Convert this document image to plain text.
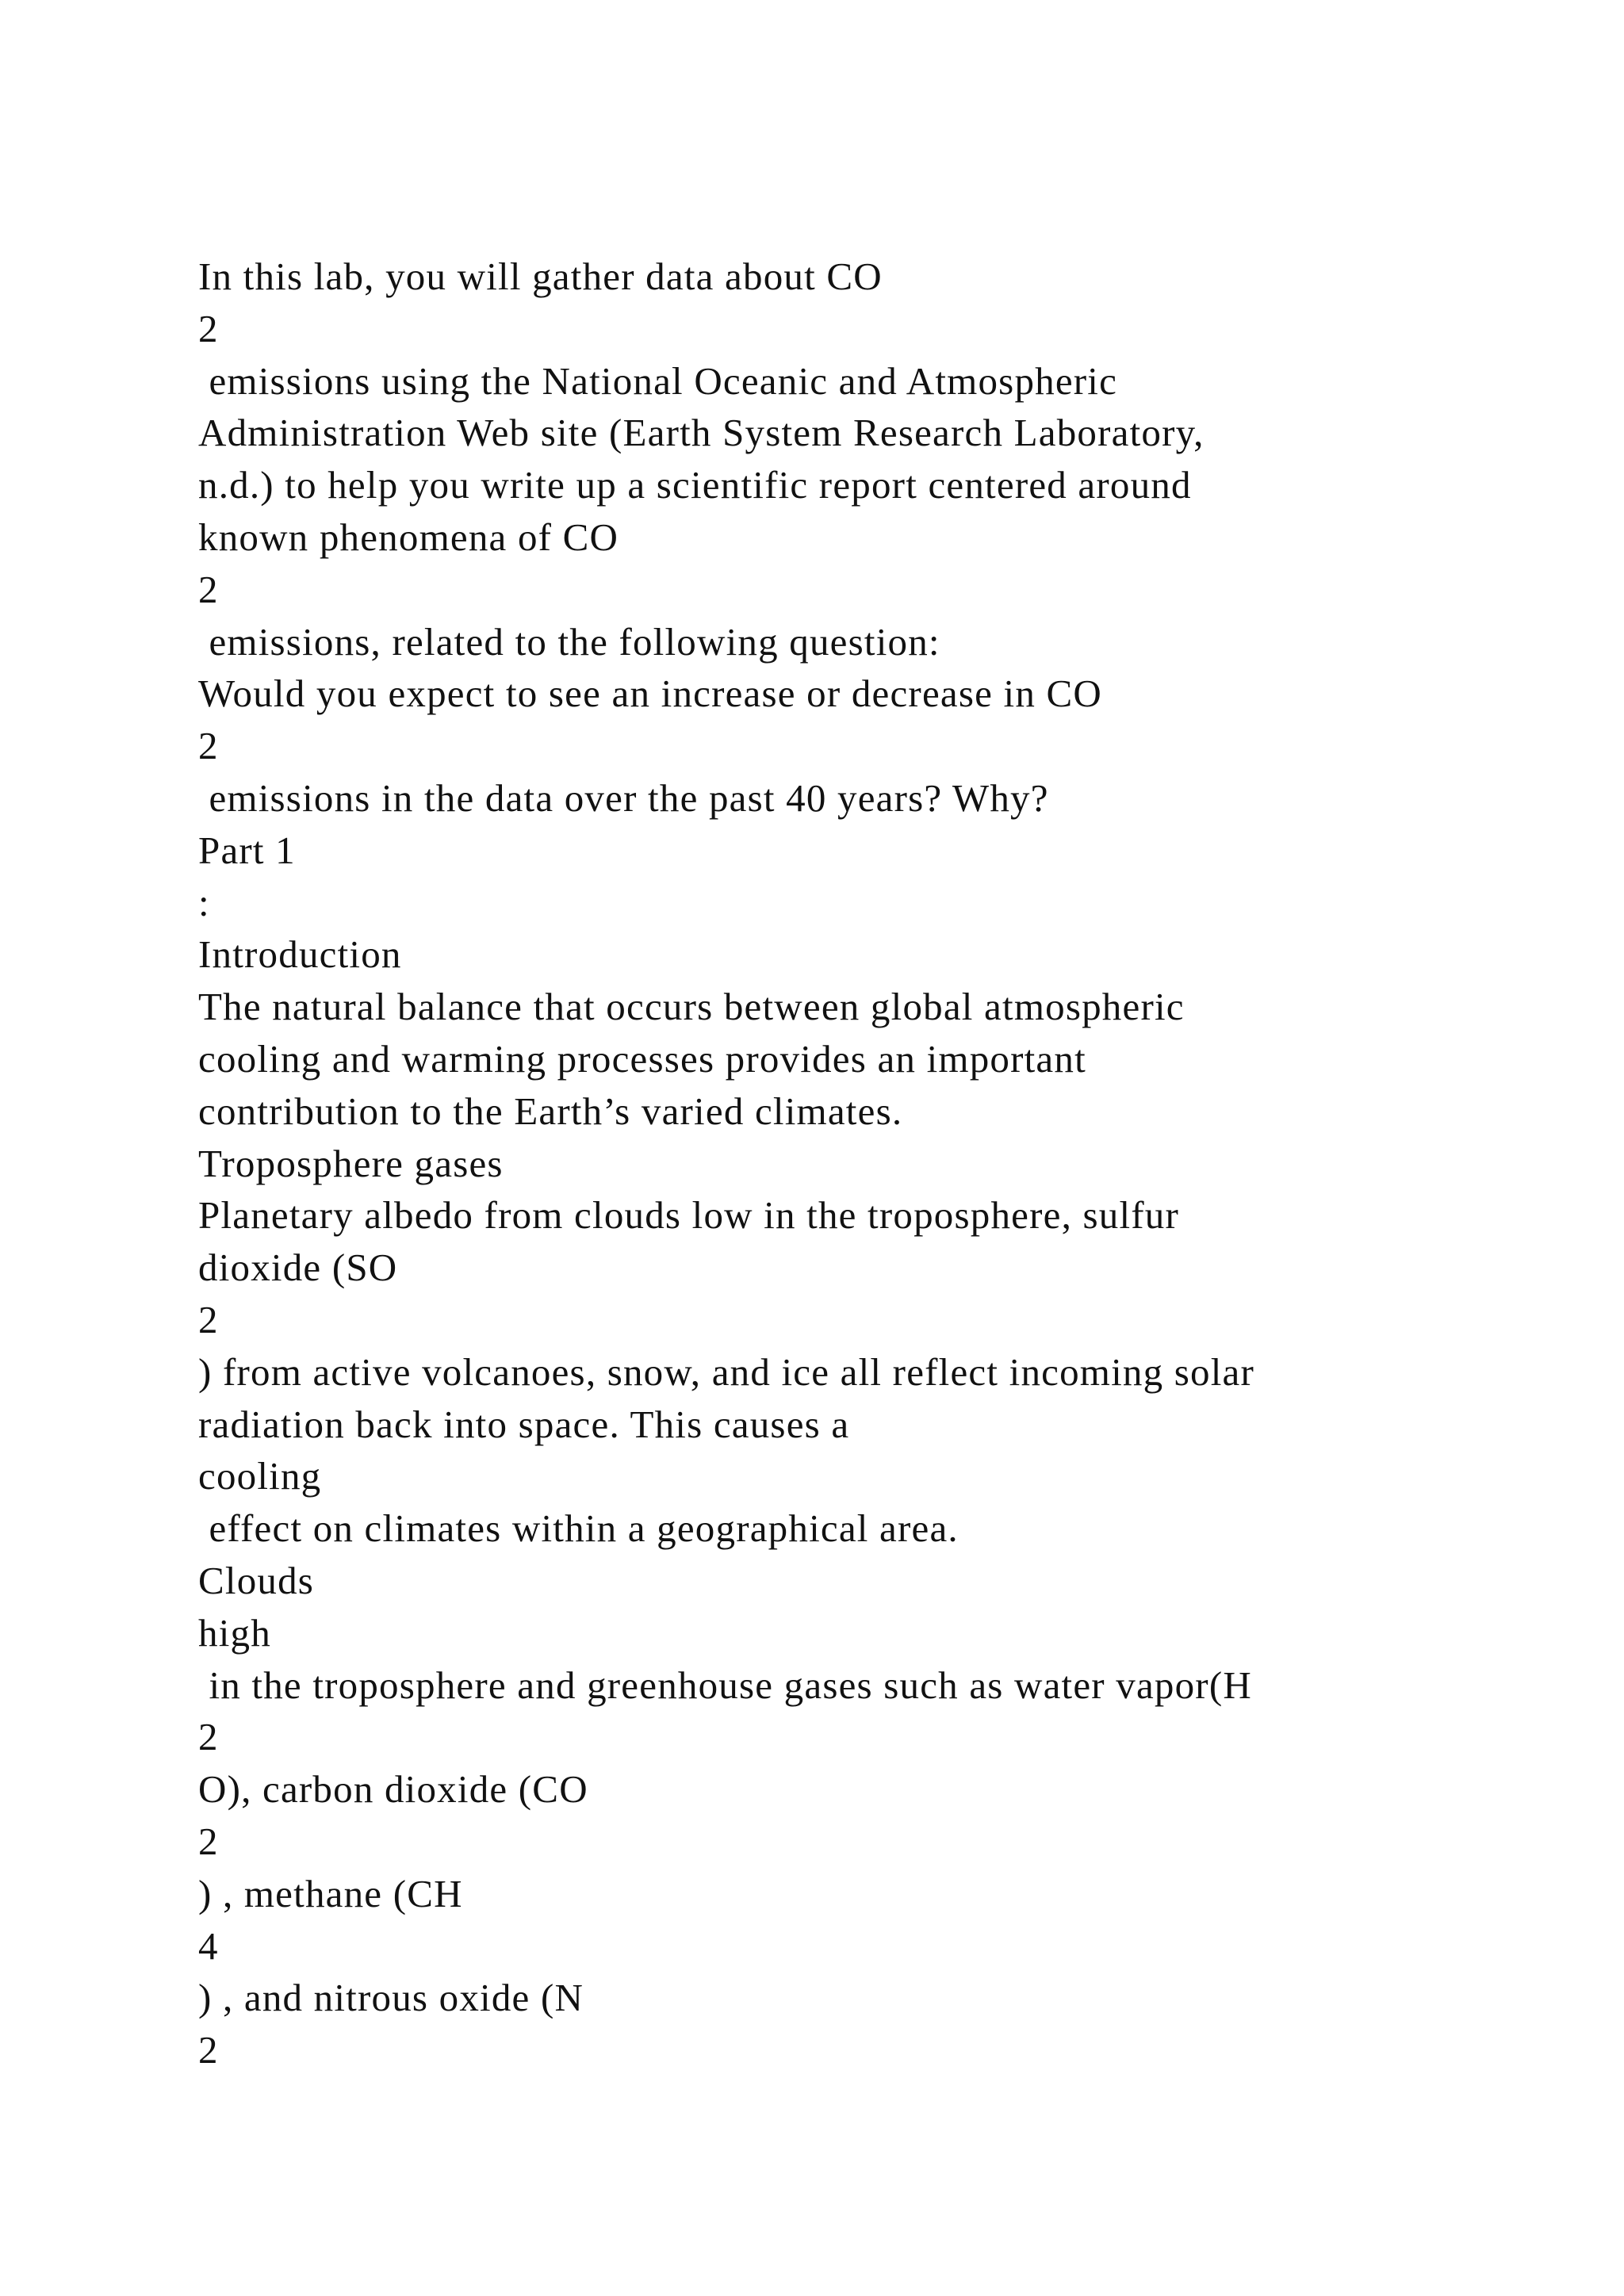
In this lab, you will gather data about CO
2
emissions using the National Oceanic and Atmospheric
Administration Web site (Earth System Research Laboratory,
n.d.) to help you write up a scientific report centered around
known phenomena of CO
2
emissions, related to the following question:
Would you expect to see an increase or decrease in CO
2
emissions in the data over the past 40 years? Why?
Part 1
:
Introduction
The natural balance that occurs between global atmospheric
cooling and warming processes provides an important
contribution to the Earth’s varied climates.
Troposphere gases
Planetary albedo from clouds low in the troposphere, sulfur
dioxide (SO
2
) from active volcanoes, snow, and ice all reflect incoming solar
radiation back into space. This causes a
cooling
effect on climates within a geographical area.
Clouds
high
in the troposphere and greenhouse gases such as water vapor(H
2
O), carbon dioxide (CO
2
) , methane (CH
4
) , and nitrous oxide (N
2
